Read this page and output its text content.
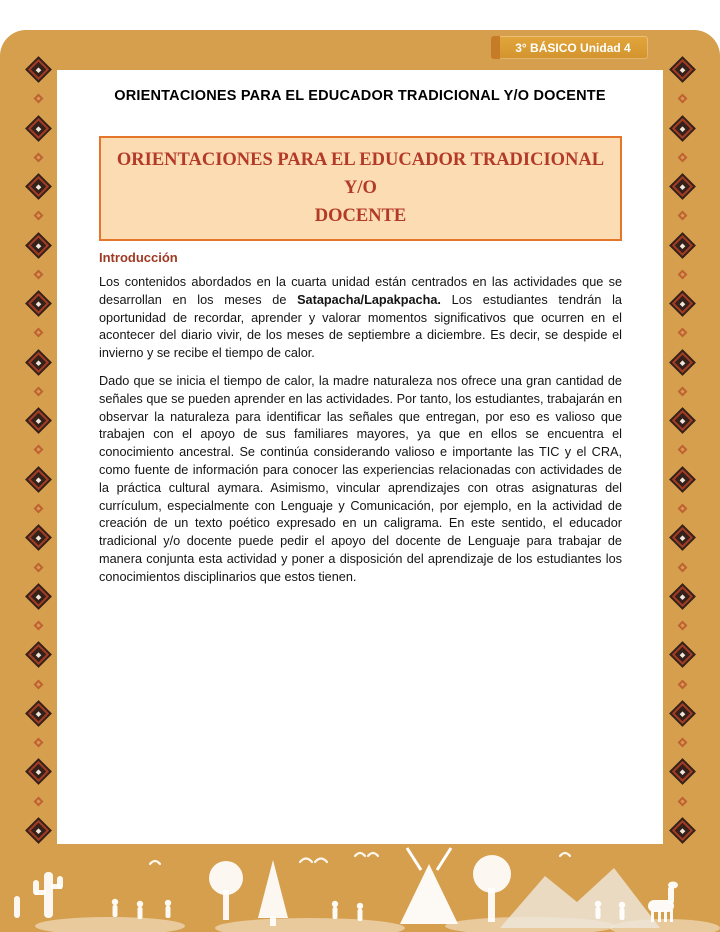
3° BÁSICO Unidad 4
ORIENTACIONES PARA EL EDUCADOR TRADICIONAL Y/O DOCENTE
ORIENTACIONES PARA EL EDUCADOR TRADICIONAL Y/O
DOCENTE
Introducción

Los contenidos abordados en la cuarta unidad están centrados en las actividades que se desarrollan en los meses de Satapacha/Lapakpacha. Los estudiantes tendrán la oportunidad de recordar, aprender y valorar momentos significativos que ocurren en el acontecer del diario vivir, de los meses de septiembre a diciembre. Es decir, se despide el invierno y se recibe el tiempo de calor.

Dado que se inicia el tiempo de calor, la madre naturaleza nos ofrece una gran cantidad de señales que se pueden aprender en las actividades. Por tanto, los estudiantes, trabajarán en observar la naturaleza para identificar las señales que entregan, por eso es valioso que trabajen con el apoyo de sus familiares mayores, ya que en ellos se encuentra el conocimiento ancestral. Se continúa considerando valioso e importante las TIC y el CRA, como fuente de información para conocer las experiencias relacionadas con actividades de la práctica cultural aymara. Asimismo, vincular aprendizajes con otras asignaturas del currículum, especialmente con Lenguaje y Comunicación, por ejemplo, en la actividad de creación de un texto poético expresado en un caligrama. En este sentido, el educador tradicional y/o docente puede pedir el apoyo del docente de Lenguaje para trabajar de manera conjunta esta actividad y poner a disposición del aprendizaje de los estudiantes los conocimientos disciplinarios que estos tienen.
